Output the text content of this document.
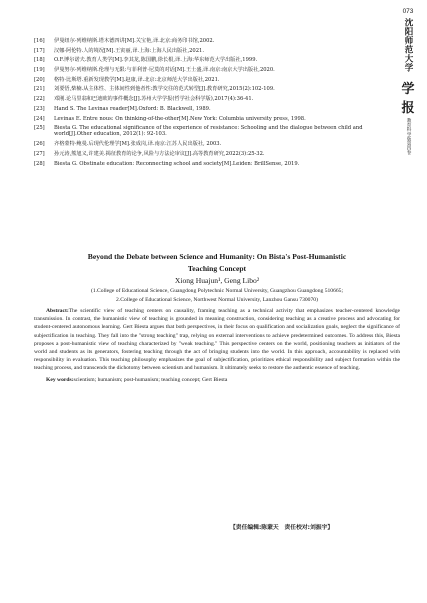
[16]	伊曼纽尔·列维纳斯.塔木德四讲[M].关宝艳,译.北京:商务印书馆,2002.
[17]	汉娜·阿伦特.人的境况[M].王寅丽,译.上海:上海人民出版社,2021.
[18]	O.F.博尔诺夫.教育人类学[M].李其龙,陈国鹏,徐长根,译.上海:华东师范大学出版社,1999.
[19]	伊曼努尔·列维纳斯.伦理与无限:与菲利普·尼莫的对话[M].王士盛,译.南京:南京大学出版社,2020.
[20]	格特·比斯塔.重新发现教学[M].赵康,译.北京:北京师范大学出版社,2021.
[21]	刘要悟,柴楠.从主体性、主体间性到他者性:教学交往的范式转型[J].教育研究,2015(2):102-109.
[22]	邓刚.论马里翁和巴迪欧的事件概念[J].苏州大学学报(哲学社会科学版),2017(4):36-41.
[23]	Hand S. The Levinas reader[M].Oxford: B. Blackwell, 1989.
[24]	Levinas E. Entre nous: On thinking-of-the-other[M].New York: Columbia university press, 1998.
[25]	Biesta G. The educational significance of the experience of resistance: Schooling and the dialogue between child and world[J].Other education, 2012(1): 92-103.
[26]	齐格蒙特·鲍曼.后现代伦理学[M].张成岗,译.南京:江苏人民出版社, 2003.
[27]	孙元涛,熊旭义,许建美.揭征教育的论争,风险与方法论审议[J].高等教育研究,2022(3):25-32.
[28]	Biesta G. Obstinate education: Reconnecting school and society[M].Leiden: BrillSense, 2019.
073
沈阳师范大学
学报
教育科学版第四卷
Beyond the Debate between Science and Humanity: On Bista's Post-Humanistic
Teaching Concept
Xiong Huajun¹, Geng Libo²
(1.College of Educational Science, Guangdong Polytechnic Normal University, Guangzhou Guangdong 510665;
2.College of Educational Science, Northwest Normal University, Lanzhou Gansu 730070)
Abstract:The scientific view of teaching centers on causality, framing teaching as a technical activity that emphasizes teacher-centered knowledge transmission. In contrast, the humanistic view of teaching is grounded in meaning construction, considering teaching as a creative process and advocating for student-centered autonomous learning. Gert Biesta argues that both perspectives, in their focus on qualification and socialization goals, neglect the significance of subjectification in teaching. They fall into the "strong teaching" trap, relying on external interventions to achieve predetermined outcomes. To address this, Biesta proposes a post-humanistic view of teaching characterized by "weak teaching." This perspective centers on the world, positioning teachers as initiators of the world and students as its generators, fostering teaching through the act of bringing students into the world. In this approach, accountability is replaced with responsibility in evaluation. This teaching philosophy emphasizes the goal of subjectification, prioritizes ethical responsibility and subject formation within the teaching process, and transcends the dichotomy between scientism and humanism. It ultimately seeks to restore the authentic essence of teaching.
Key words:scientism; humanism; post-humanism; teaching concept; Gert Biesta
【责任编辑:陈蒙天　责任校对:刘振宇】
